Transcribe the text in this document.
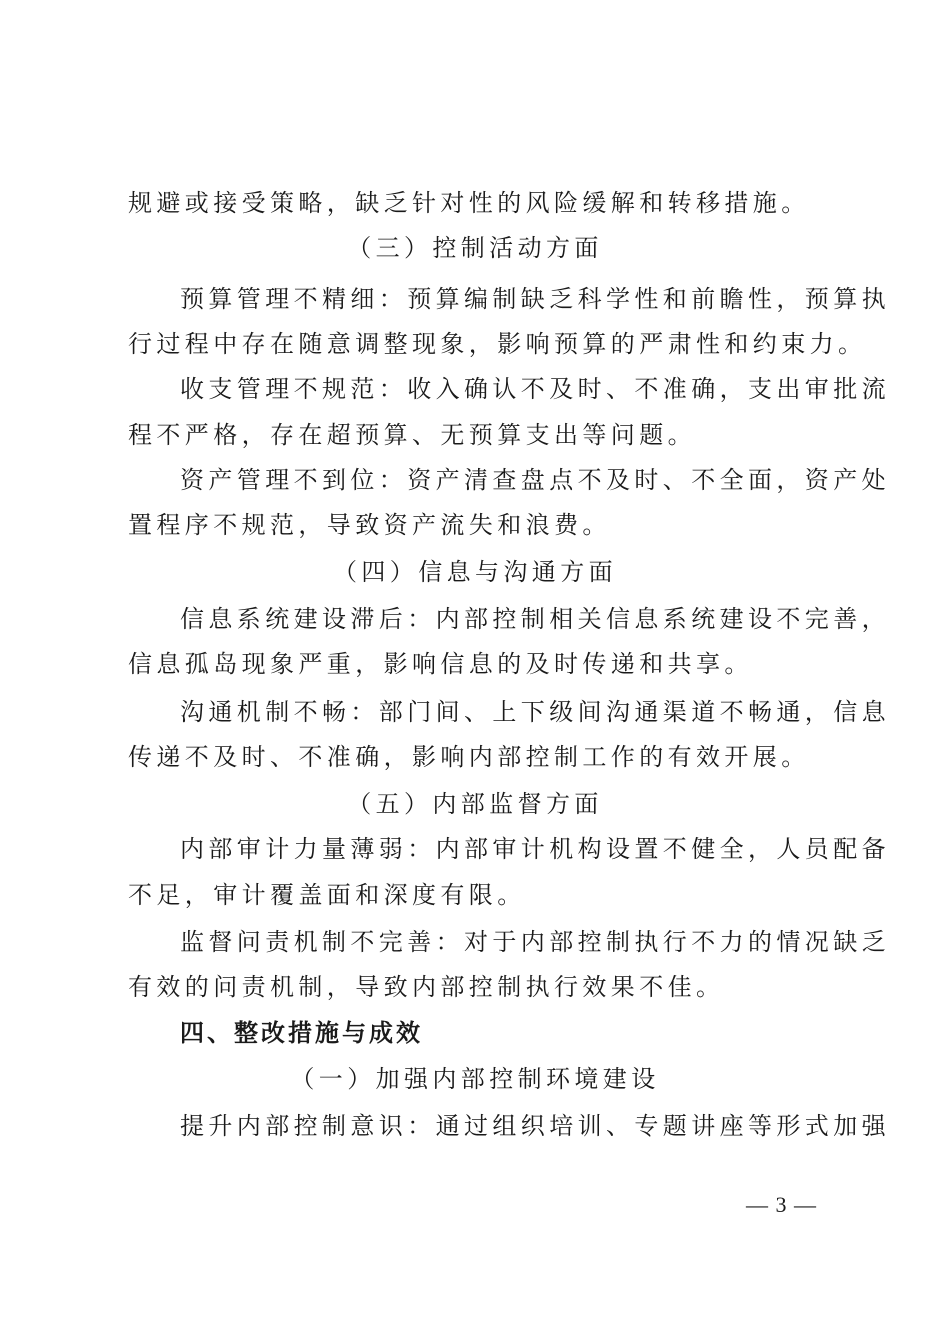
规避或接受策略，缺乏针对性的风险缓解和转移措施。
（三）控制活动方面
预算管理不精细：预算编制缺乏科学性和前瞻性，预算执
行过程中存在随意调整现象，影响预算的严肃性和约束力。
收支管理不规范：收入确认不及时、不准确，支出审批流
程不严格，存在超预算、无预算支出等问题。
资产管理不到位：资产清查盘点不及时、不全面，资产处
置程序不规范，导致资产流失和浪费。
（四）信息与沟通方面
信息系统建设滞后：内部控制相关信息系统建设不完善，
信息孤岛现象严重，影响信息的及时传递和共享。
沟通机制不畅：部门间、上下级间沟通渠道不畅通，信息
传递不及时、不准确，影响内部控制工作的有效开展。
（五）内部监督方面
内部审计力量薄弱：内部审计机构设置不健全，人员配备
不足，审计覆盖面和深度有限。
监督问责机制不完善：对于内部控制执行不力的情况缺乏
有效的问责机制，导致内部控制执行效果不佳。
四、整改措施与成效
（一）加强内部控制环境建设
提升内部控制意识：通过组织培训、专题讲座等形式加强
— 3 —
